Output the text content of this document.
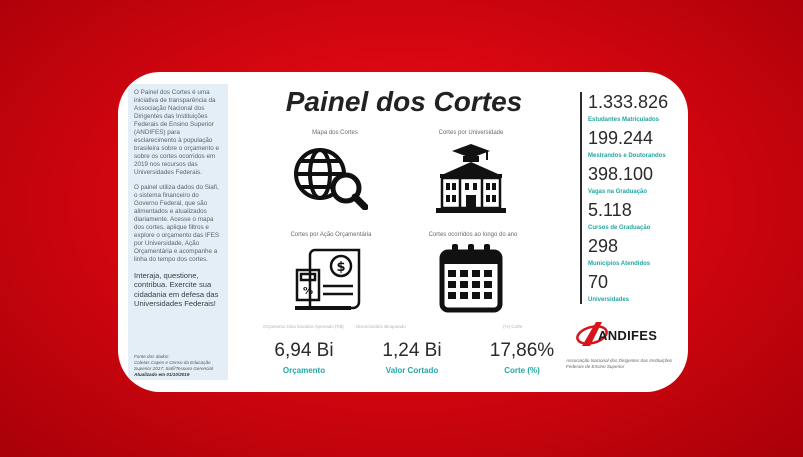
O Painel dos Cortes é uma iniciativa de transparência da Associação Nacional dos Dirigentes das Instituições Federais de Ensino Superior (ANDIFES) para esclarecimento à população brasileira sobre o orçamento e sobre os cortes ocorridos em 2019 nos recursos das Universidades Federais.

O painel utiliza dados do Siafi, o sistema financeiro do Governo Federal, que são alimentados e atualizados diariamente. Acesse o mapa dos cortes, aplique filtros e explore o orçamento das IFES por Universidade, Ação Orçamentária e acompanhe a linha do tempo dos cortes.

Interaja, questione, contribua. Exercite sua cidadania em defesa das Universidades Federais!

Fonte dos dados:
Coletas Capes e Censo da Educação Superior 2017; Siafi/Tesouro Gerencial
Atualizado em 01/10/2019
Painel dos Cortes
Mapa dos Cortes	Cortes por Universidade
Cortes por Ação Orçamentária
$
%
Cortes ocorridos ao longo do ano
Orçamento Discricionário Aprovado (R$)	Discricionário Bloqueado	(%) Corte
6,94 Bi
Orçamento
1,24 Bi
Valor Cortado
17,86%
Corte (%)
1.333.826
Estudantes Matriculados
199.244
Mestrandos e Doutorandos
398.100
Vagas na Graduação
5.118
Cursos de Graduação
298
Municípios Atendidos
70
Universidades
ANDIFES
Associação Nacional dos Dirigentes das Instituições Federais de Ensino Superior
